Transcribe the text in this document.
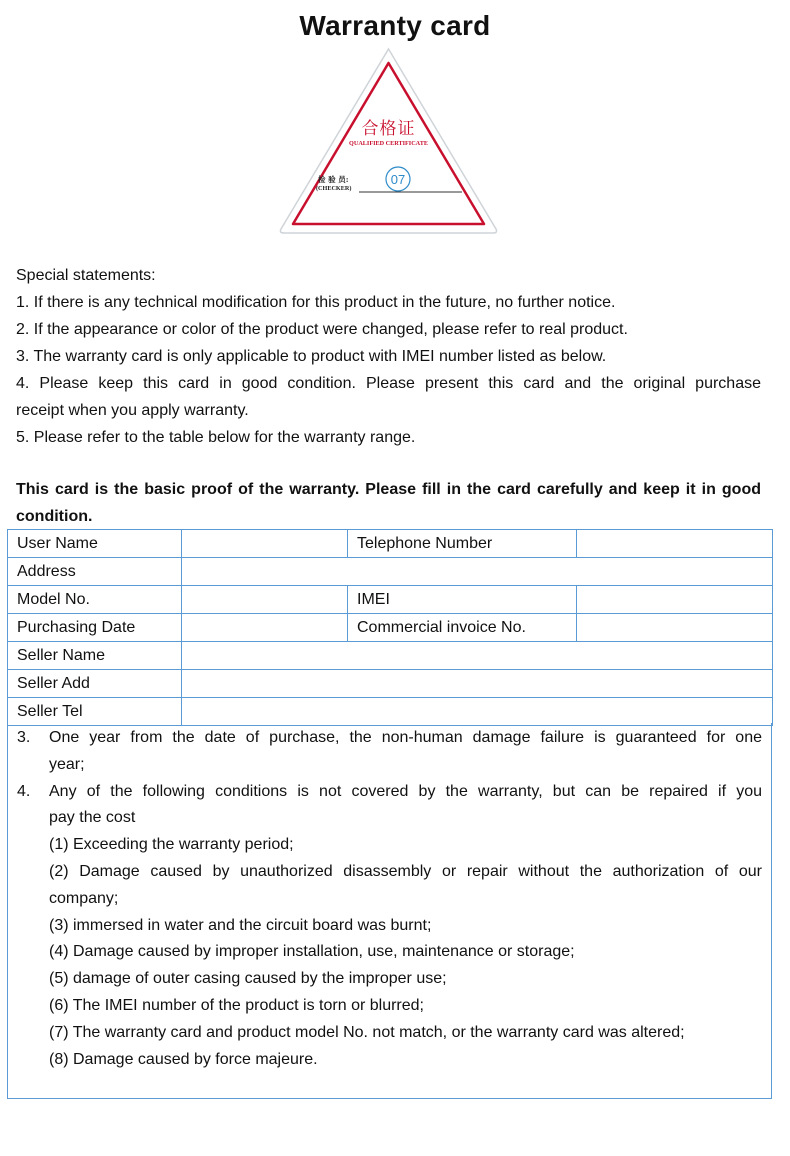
Warranty card
合格证
QUALIFIED CERTIFICATE
检 验 员:
(CHECKER)
07

Special statements:

1. If there is any technical modification for this product in the future, no further notice.

2. If the appearance or color of the product were changed, please refer to real product.

3. The warranty card is only applicable to product with IMEI number listed as below.

4. Please keep this card in good condition. Please present this card and the original purchase

receipt when you apply warranty.

5. Please refer to the table below for the warranty range.

This card is the basic proof of the warranty. Please fill in the card carefully and keep it in good

condition.

User Name		Telephone Number	
Address			
Model No.		IMEI	
Purchasing Date		Commercial invoice No.	
Seller Name			
Seller Add			
Seller Tel			
3. One year from the date of purchase, the non-human damage failure is guaranteed for one

year;

4. Any of the following conditions is not covered by the warranty, but can be repaired if you

pay the cost

(1) Exceeding the warranty period;

(2) Damage caused by unauthorized disassembly or repair without the authorization of our

company;

(3) immersed in water and the circuit board was burnt;

(4) Damage caused by improper installation, use, maintenance or storage;

(5) damage of outer casing caused by the improper use;

(6) The IMEI number of the product is torn or blurred;

(7) The warranty card and product model No. not match, or the warranty card was altered;

(8) Damage caused by force majeure.
